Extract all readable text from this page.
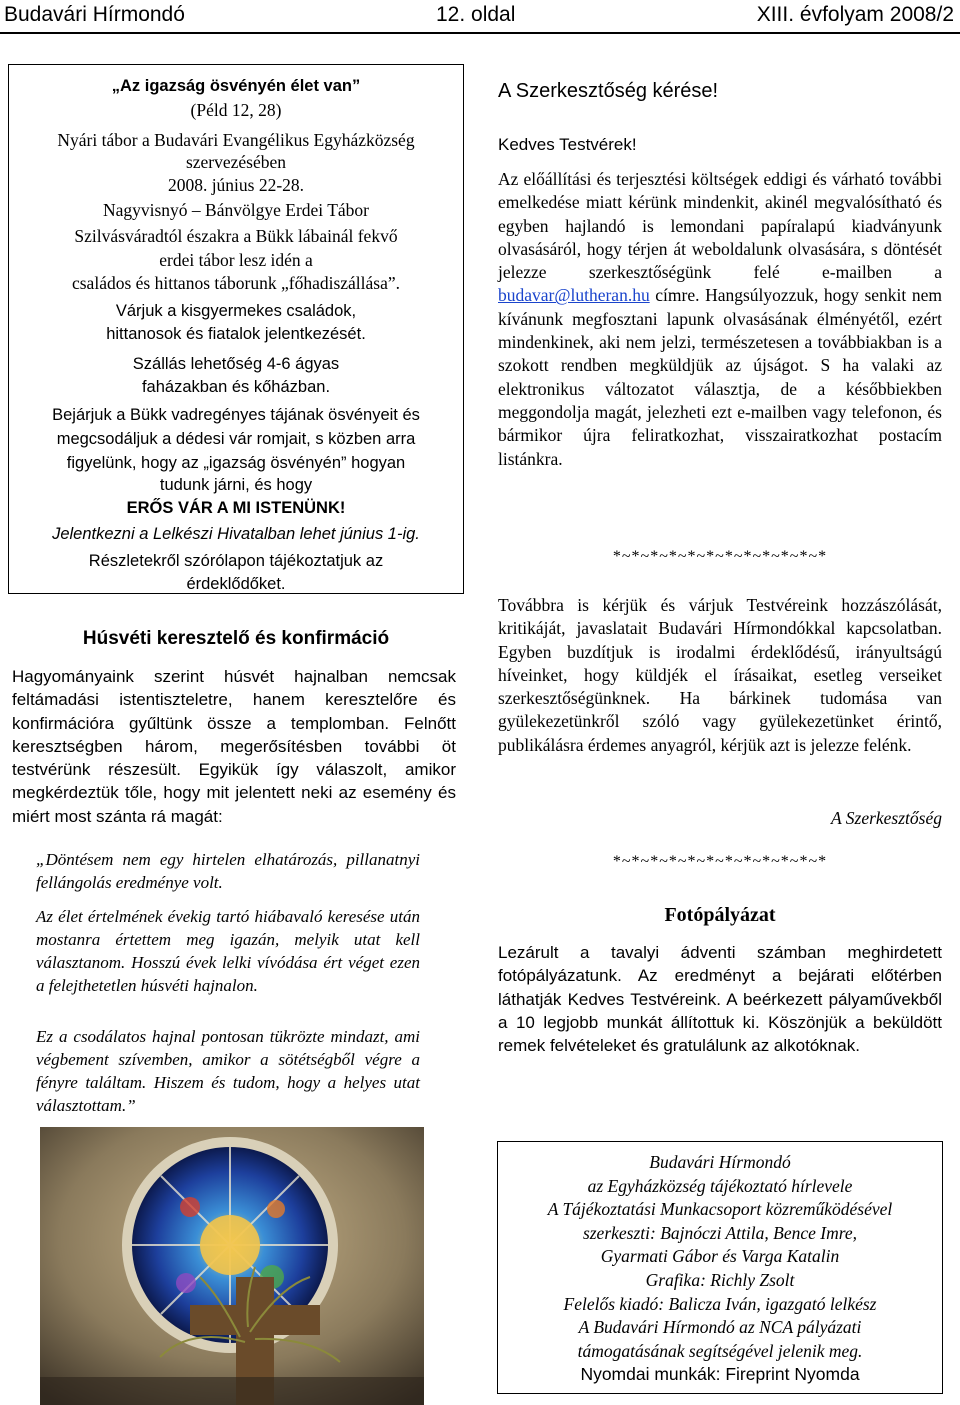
Budavári Hírmondó	12. oldal	XIII. évfolyam 2008/2
„Az igazság ösvényén élet van”
(Péld 12, 28)
Nyári tábor a Budavári Evangélikus Egyházközség
szervezésében
2008. június 22-28.
Nagyvisnyó – Bánvölgye Erdei Tábor
Szilvásváradtól északra a Bükk lábainál fekvő
erdei tábor lesz idén a
családos és hittanos táborunk „főhadiszállása”.
Várjuk a kisgyermekes családok,
hittanosok és fiatalok jelentkezését.
Szállás lehetőség 4-6 ágyas
faházakban és kőházban.
Bejárjuk a Bükk vadregényes tájának ösvényeit és
megcsodáljuk a dédesi vár romjait, s közben arra
figyelünk, hogy az „igazság ösvényén” hogyan
tudunk járni, és hogy
ERŐS VÁR A MI ISTENÜNK!
Jelentkezni a Lelkészi Hivatalban lehet június 1-ig.
Részletekről szórólapon tájékoztatjuk az
érdeklődőket.
Húsvéti keresztelő és konfirmáció
Hagyományaink szerint húsvét hajnalban nemcsak feltámadási istentiszteletre, hanem keresztelőre és konfirmációra gyűltünk össze a templomban. Felnőtt keresztségben három, megerősítésben további öt testvérünk részesült. Egyikük így válaszolt, amikor megkérdeztük tőle, hogy mit jelentett neki az esemény és miért most szánta rá magát:
„Döntésem nem egy hirtelen elhatározás, pillanatnyi fellángolás eredménye volt.
Az élet értelmének évekig tartó hiábavaló keresése után mostanra értettem meg igazán, melyik utat kell választanom. Hosszú évek lelki vívódása ért véget ezen a felejthetetlen húsvéti hajnalon.
Ez a csodálatos hajnal pontosan tükrözte mindazt, ami végbement szívemben, amikor a sötétségből végre a fényre találtam. Hiszem és tudom, hogy a helyes utat választottam.”
A Szerkesztőség kérése!
Kedves Testvérek!
Az előállítási és terjesztési költségek eddigi és várható további emelkedése miatt kérünk mindenkit, akinél megvalósítható és egyben hajlandó is lemondani papíralapú kiadványunk olvasásáról, hogy térjen át weboldalunk olvasására, s döntését jelezze szerkesztőségünk felé e-mailben a budavar@lutheran.hu címre. Hangsúlyozzuk, hogy senkit nem kívánunk megfosztani lapunk olvasásának élményétől, ezért mindenkinek, aki nem jelzi, természetesen a továbbiakban is a szokott rendben megküldjük az újságot. S ha valaki az elektronikus változatot választja, de a későbbiekben meggondolja magát, jelezheti ezt e-mailben vagy telefonon, és bármikor újra feliratkozhat, visszairatkozhat postacím listánkra.
*~*~*~*~*~*~*~*~*~*~*~*
Továbbra is kérjük és várjuk Testvéreink hozzászólását, kritikáját, javaslatait Budavári Hírmondókkal kapcsolatban. Egyben buzdítjuk is irodalmi érdeklődésű, irányultságú híveinket, hogy küldjék el írásaikat, esetleg verseiket szerkesztőségünknek. Ha bárkinek tudomása van gyülekezetünkről szóló vagy gyülekezetünket érintő, publikálásra érdemes anyagról, kérjük azt is jelezze felénk.
A Szerkesztőség
*~*~*~*~*~*~*~*~*~*~*~*
Fotópályázat
Lezárult a tavalyi ádventi számban meghirdetett fotópályázatunk. Az eredményt a bejárati előtérben láthatják Kedves Testvéreink. A beérkezett pályaművekből a 10 legjobb munkát állítottuk ki. Köszönjük a beküldött remek felvételeket és gratulálunk az alkotóknak.
Budavári Hírmondó
az Egyházközség tájékoztató hírlevele
A Tájékoztatási Munkacsoport közreműködésével
szerkeszti: Bajnóczi Attila, Bence Imre,
Gyarmati Gábor és Varga Katalin
Grafika: Richly Zsolt
Felelős kiadó: Balicza Iván, igazgató lelkész
A Budavári Hírmondó az NCA pályázati
támogatásának segítségével jelenik meg.
Nyomdai munkák: Fireprint Nyomda
